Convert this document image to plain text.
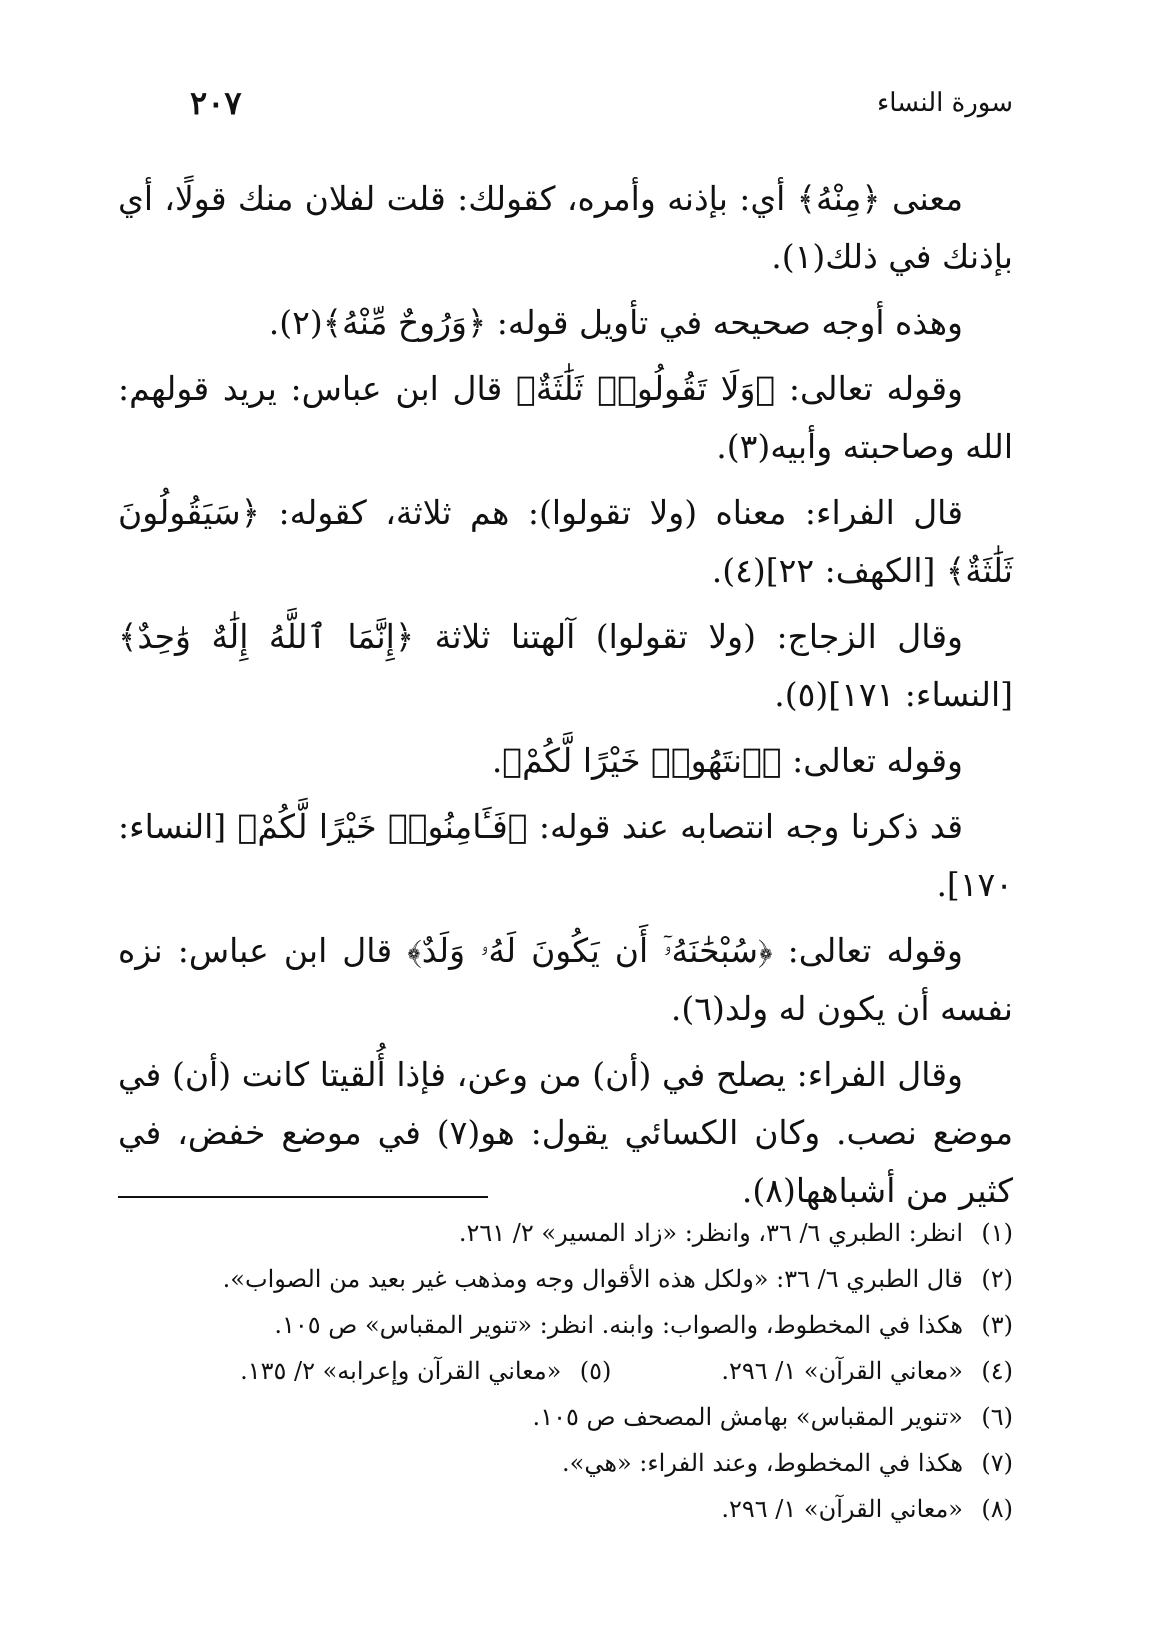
سورة النساء
٢٠٧

معنى ﴿مِنْهُ﴾ أي: بإذنه وأمره، كقولك: قلت لفلان منك قولًا، أي بإذنك في ذلك(١).

وهذه أوجه صحيحه في تأويل قوله: ﴿وَرُوحٌ مِّنْهُ﴾(٢).

وقوله تعالى: ﴿وَلَا تَقُولُوا۟ ثَلَٰثَةٌ﴾ قال ابن عباس: يريد قولهم: الله وصاحبته وأبيه(٣).

قال الفراء: معناه (ولا تقولوا): هم ثلاثة، كقوله: ﴿سَيَقُولُونَ ثَلَٰثَةٌ﴾ [الكهف: ٢٢](٤).

وقال الزجاج: (ولا تقولوا) آلهتنا ثلاثة ﴿إِنَّمَا ٱللَّهُ إِلَٰهٌ وَٰحِدٌ﴾ [النساء: ١٧١](٥).

وقوله تعالى: ﴿ٱنتَهُوا۟ خَيْرًا لَّكُمْ﴾.

قد ذكرنا وجه انتصابه عند قوله: ﴿فَـَٔامِنُوا۟ خَيْرًا لَّكُمْ﴾ [النساء: ١٧٠].

وقوله تعالى: ﴿سُبْحَٰنَهُۥٓ أَن يَكُونَ لَهُۥ وَلَدٌ﴾ قال ابن عباس: نزه نفسه أن يكون له ولد(٦).

وقال الفراء: يصلح في (أن) من وعن، فإذا أُلقيتا كانت (أن) في موضع نصب. وكان الكسائي يقول: هو(٧) في موضع خفض، في كثير من أشباهها(٨).

(١)انظر: الطبري ٦/ ٣٦، وانظر: «زاد المسير» ٢/ ٢٦١.
(٢)قال الطبري ٦/ ٣٦: «ولكل هذه الأقوال وجه ومذهب غير بعيد من الصواب».
(٣)هكذا في المخطوط، والصواب: وابنه. انظر: «تنوير المقباس» ص ١٠٥.
(٤)«معاني القرآن» ١/ ٢٩٦.
(٥)«معاني القرآن وإعرابه» ٢/ ١٣٥.
(٦)«تنوير المقباس» بهامش المصحف ص ١٠٥.
(٧)هكذا في المخطوط، وعند الفراء: «هي».
(٨)«معاني القرآن» ١/ ٢٩٦.
